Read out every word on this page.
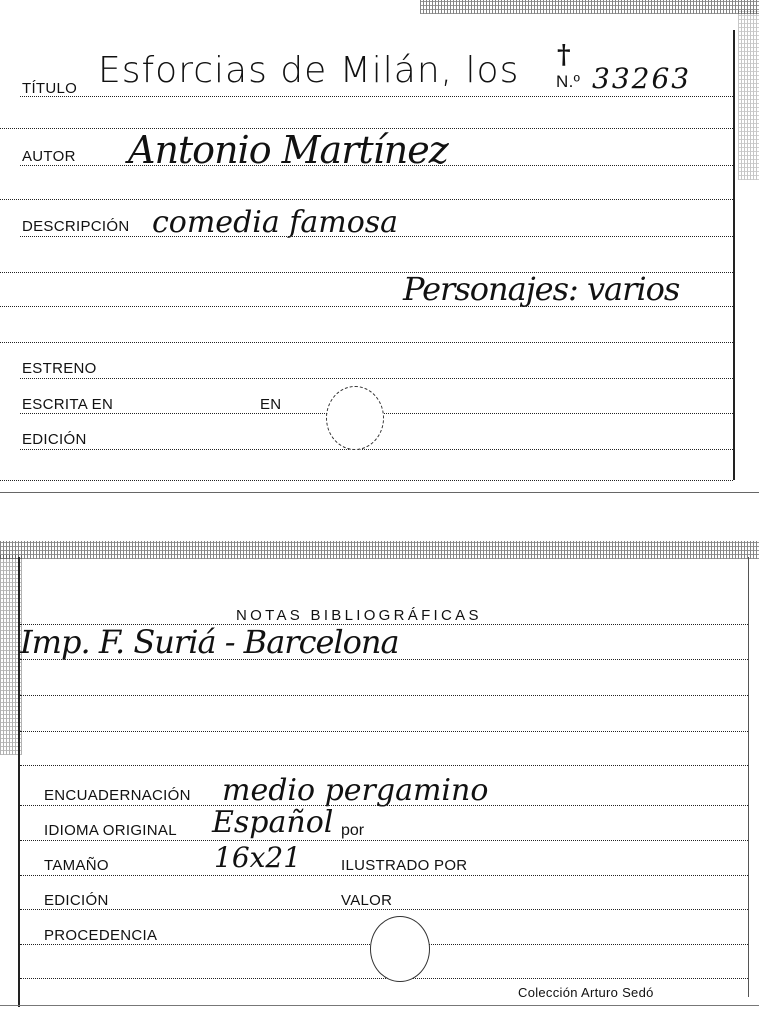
TÍTULO Esforcias de Milán, los †
N.º 33263
AUTOR Antonio Martínez
DESCRIPCIÓN comedia famosa
Personajes: varios
ESTRENO
ESCRITA EN	EN
EDICIÓN
NOTAS BIBLIOGRÁFICAS
Imp. F. Suriá - Barcelona
ENCUADERNACIÓN medio pergamino
IDIOMA ORIGINAL Español por
TAMAÑO	16x21	ILUSTRADO POR
EDICIÓN	VALOR
PROCEDENCIA
Colección Arturo Sedó
